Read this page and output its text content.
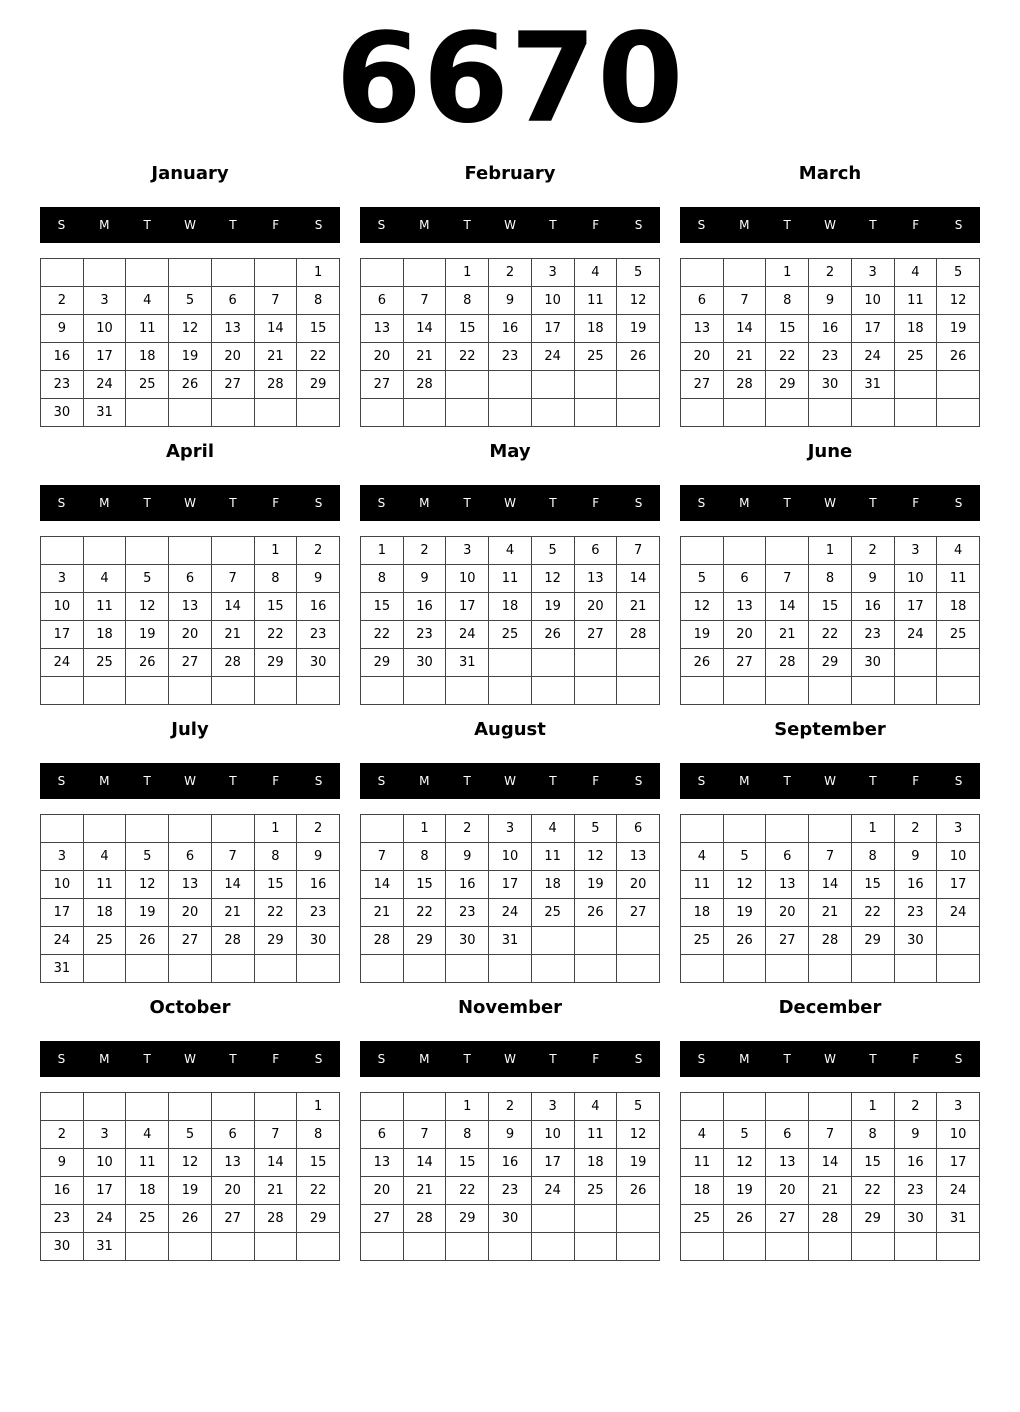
6670
January
S	M	T	W	T	F	S
						1
2	3	4	5	6	7	8
9	10	11	12	13	14	15
16	17	18	19	20	21	22
23	24	25	26	27	28	29
30	31					
February
S	M	T	W	T	F	S
		1	2	3	4	5
6	7	8	9	10	11	12
13	14	15	16	17	18	19
20	21	22	23	24	25	26
27	28					

March
S	M	T	W	T	F	S
		1	2	3	4	5
6	7	8	9	10	11	12
13	14	15	16	17	18	19
20	21	22	23	24	25	26
27	28	29	30	31		

April
S	M	T	W	T	F	S
					1	2
3	4	5	6	7	8	9
10	11	12	13	14	15	16
17	18	19	20	21	22	23
24	25	26	27	28	29	30

May
S	M	T	W	T	F	S
1	2	3	4	5	6	7
8	9	10	11	12	13	14
15	16	17	18	19	20	21
22	23	24	25	26	27	28
29	30	31				

June
S	M	T	W	T	F	S
			1	2	3	4
5	6	7	8	9	10	11
12	13	14	15	16	17	18
19	20	21	22	23	24	25
26	27	28	29	30		

July
S	M	T	W	T	F	S
					1	2
3	4	5	6	7	8	9
10	11	12	13	14	15	16
17	18	19	20	21	22	23
24	25	26	27	28	29	30
31						
August
S	M	T	W	T	F	S
	1	2	3	4	5	6
7	8	9	10	11	12	13
14	15	16	17	18	19	20
21	22	23	24	25	26	27
28	29	30	31			

September
S	M	T	W	T	F	S
				1	2	3
4	5	6	7	8	9	10
11	12	13	14	15	16	17
18	19	20	21	22	23	24
25	26	27	28	29	30	

October
S	M	T	W	T	F	S
						1
2	3	4	5	6	7	8
9	10	11	12	13	14	15
16	17	18	19	20	21	22
23	24	25	26	27	28	29
30	31					
November
S	M	T	W	T	F	S
		1	2	3	4	5
6	7	8	9	10	11	12
13	14	15	16	17	18	19
20	21	22	23	24	25	26
27	28	29	30			

December
S	M	T	W	T	F	S
				1	2	3
4	5	6	7	8	9	10
11	12	13	14	15	16	17
18	19	20	21	22	23	24
25	26	27	28	29	30	31
